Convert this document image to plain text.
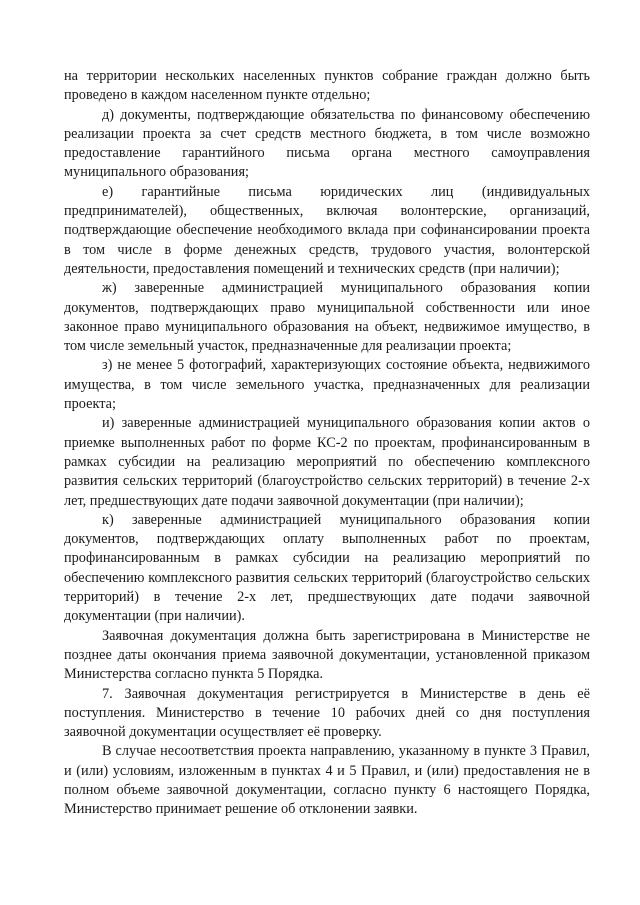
на территории нескольких населенных пунктов собрание граждан должно быть проведено в каждом населенном пункте отдельно;

д) документы, подтверждающие обязательства по финансовому обеспечению реализации проекта за счет средств местного бюджета, в том числе возможно предоставление гарантийного письма органа местного самоуправления муниципального образования;

е) гарантийные письма юридических лиц (индивидуальных предпринимателей), общественных, включая волонтерские, организаций, подтверждающие обеспечение необходимого вклада при софинансировании проекта в том числе в форме денежных средств, трудового участия, волонтерской деятельности, предоставления помещений и технических средств (при наличии);

ж) заверенные администрацией муниципального образования копии документов, подтверждающих право муниципальной собственности или иное законное право муниципального образования на объект, недвижимое имущество, в том числе земельный участок, предназначенные для реализации проекта;

з) не менее 5 фотографий, характеризующих состояние объекта, недвижимого имущества, в том числе земельного участка, предназначенных для реализации проекта;

и) заверенные администрацией муниципального образования копии актов о приемке выполненных работ по форме КС-2 по проектам, профинансированным в рамках субсидии на реализацию мероприятий по обеспечению комплексного развития сельских территорий (благоустройство сельских территорий) в течение 2-х лет, предшествующих дате подачи заявочной документации (при наличии);

к) заверенные администрацией муниципального образования копии документов, подтверждающих оплату выполненных работ по проектам, профинансированным в рамках субсидии на реализацию мероприятий по обеспечению комплексного развития сельских территорий (благоустройство сельских территорий) в течение 2-х лет, предшествующих дате подачи заявочной документации (при наличии).

Заявочная документация должна быть зарегистрирована в Министерстве не позднее даты окончания приема заявочной документации, установленной приказом Министерства согласно пункта 5 Порядка.

7. Заявочная документация регистрируется в Министерстве в день её поступления. Министерство в течение 10 рабочих дней со дня поступления заявочной документации осуществляет её проверку.

В случае несоответствия проекта направлению, указанному в пункте 3 Правил, и (или) условиям, изложенным в пунктах 4 и 5 Правил, и (или) предоставления не в полном объеме заявочной документации, согласно пункту 6 настоящего Порядка, Министерство принимает решение об отклонении заявки.
